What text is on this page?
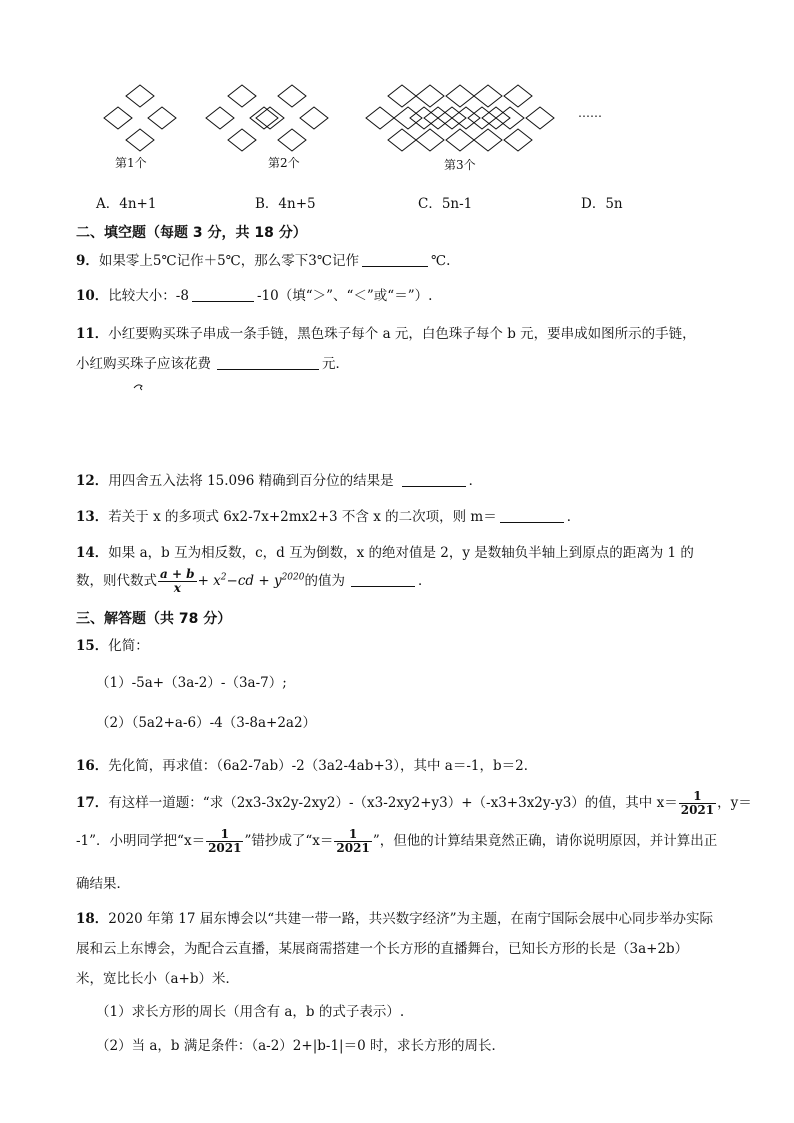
第1个	第2个	第3个
……
A．4n+1	B．4n+5	C．5n-1	D．5n
二、填空题（每题 3 分，共 18 分）
9．如果零上5℃记作＋5℃，那么零下3℃记作	℃.
10．比较大小：-8	-10（填“＞”、“＜”或“＝”）.
11．小红要购买珠子串成一条手链，黑色珠子每个 a 元，白色珠子每个 b 元，要串成如图所示的手链，
小红购买珠子应该花费	元．
12．用四舍五入法将 15.096 精确到百分位的结果是	．
13．若关于 x 的多项式 6x2-7x+2mx2+3 不含 x 的二次项，则 m＝	．
14．如果 a，b 互为相反数，c，d 互为倒数，x 的绝对值是 2，y 是数轴负半轴上到原点的距离为 1 的
数，则代数式 $\frac{a + b}{x} + x^2-cd + y^{2020}$的值为	．
三、解答题（共 78 分）
15．化简：
（1）-5a+（3a-2）-（3a-7）;
（2）（5a2+a-6）-4（3-8a+2a2）
16．先化简，再求值：（6a2-7ab）-2（3a2-4ab+3），其中 a＝-1，b＝2．
17．有这样一道题：“求（2x3-3x2y-2xy2）-（x3-2xy2+y3）+（-x3+3x2y-y3）的值，其中 $x= \frac{1}{2021}$ ，y＝
-1”．小明同学把“$x= \frac{1}{2021}$ ”错抄成了“$x= \frac{1}{2021}$ ”，但他的计算结果竟然正确，请你说明原因，并计算出正
确结果．
18．2020 年第 17 届东博会以“共建一带一路，共兴数字经济”为主题，在南宁国际会展中心同步举办实际
展和云上东博会，为配合云直播，某展商需搭建一个长方形的直播舞台，已知长方形的长是（3a+2b）
米，宽比长小（a+b）米．
（1）求长方形的周长（用含有 a，b 的式子表示）.
（2）当 a，b 满足条件：（a-2）2+|b-1|＝0 时，求长方形的周长．
